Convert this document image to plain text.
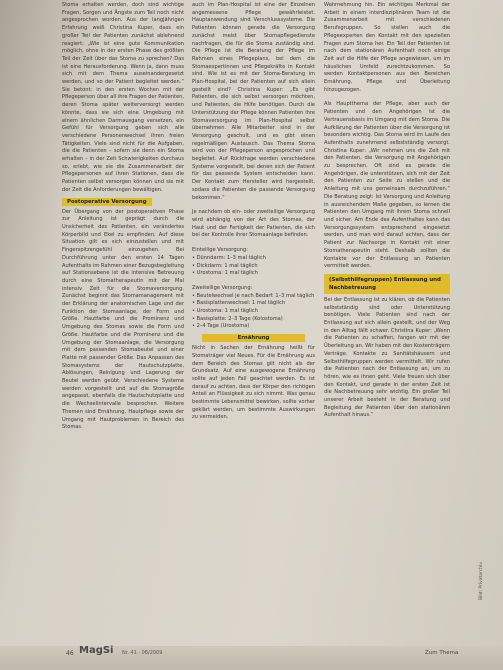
Stoma erhalten werden, doch sind wichtige Fragen, Sorgen und Ängste zum Teil noch nicht angesprochen worden. Aus der langjährigen Erfahrung weiß Christina Kuper, dass ein großer Teil der Patienten zunächst ablehnend reagiert: „Wie ist eine gute Kommunikation möglich, ohne in der ersten Phase des größten Teil der Zeit über das Stoma zu sprechen? Das ist eine Herausforderung. Wenn ja, dann muss sich mit dem Thema auseinandergesetzt werden, und so der Patient begleitet werden.“ Sie betont: in den ersten Wochen mit der Pflegeperson über all ihre Fragen der Patienten, deren Stoma später weiterversorgt werden könnte, dass sie sich eine Umgebung mit einem ähnlichen Darmausgang versetzen, ein Gefühl für Versorgung geben sich alle verschiedene Personenwechsel ihren freien Tätigkeiten. Viele sind nicht für die Aufgaben, die die Patienten – sofern sie denn ein Stoma erhalten – in der Zeit Schwierigkeiten durchaus so, erlebt, wie sie die Zusammenarbeit der Pflegepersonen auf ihren Stationen, dass die Patienten selbst versorgen können und sie mit der Zeit die Anforderungen bewältigen.

Postoperative Versorgung

Der Übergang von der postoperativen Phase zur Anleitung ist geprägt durch die Unsicherheit des Patienten, ein verändertes Körperbild und Ekel zu empfinden. Auf diese Situation gilt es sich einzustellen und mit Fingerspitzengefühl einzugehen. Bei Durchführung unter den ersten 14 Tagen Aufenthalts im Rahmen einer Bezugsbegleitung auf Stationsebene ist die intensive Betreuung durch eine Stomatherapeutin mit der Mal intensiv Zeit für die Stomaversorgung. Zunächst beginnt das Stomamanagement mit der Erklärung der anatomischen Lage und der Funktion der Stomaanlage, der Form und Größe. Hautfarbe und die Prominenz und Umgebung des Stomas sowie die Form und Größe. Hautfarbe und die Prominenz und die Umgebung der Stomaanlage, die Versorgung mit dem passenden Stomabeutel und einer Platte mit passender Größe. Das Anpassen des Stomasystems der Hautschutzplatte, Ablösungen, Reinigung und Lagerung der Beutel werden geübt. Verschiedene Systeme werden vorgestellt und auf die Stomagröße angepasst, ebenfalls die Hautschutzplatte und die Wechselintervalle besprochen. Weitere Themen sind Ernährung, Hautpflege sowie der Umgang mit Hautproblemen in Bereich des Stomas.

auch im Plan-Hospital ist eine der Einzelnen angemessene Pflege gewährleistet. Hauptanwendung sind Verschlusssysteme. Die Patienten können gerade die Versorgung zunächst meist über Stomapflegedienste nachfragen, die für die Stoma zuständig sind. Die Pflege ist die Beratung der Pflege im Rahmen eines Pflegeplans, bei dem die Stomaexpertinnen und Pflegekräfte in Kontakt sind. Wie ist es mit der Stoma-Beratung im Plan-Hospital, bei der Patienten auf sich allein gestellt sind? Christina Kuper: „Es gibt Patienten, die sich selbst versorgen möchten, und Patienten, die Hilfe benötigen. Durch die Unterstützung der Pflege können Patienten ihre Stomaversorgung im Plan-Hospital selbst übernehmen. Alle Mitarbeiter sind in der Versorgung geschult, und es gibt einen regelmäßigen Austausch. Das Thema Stoma wird von der Pflegeperson angesprochen und begleitet. Auf Rückfrage werden verschiedene Systeme vorgestellt, bei denen sich der Patient für das passende System entscheiden kann. Der Kontakt zum Hersteller wird hergestellt, sodass die Patienten die passende Versorgung bekommen.“

Je nachdem ob ein- oder zweiteilige Versorgung wird abhängig von der Art des Stomas, der Haut und der Fertigkeit der Patienten, die sich bei der Kontrolle ihrer Stomaanlage befinden.

Einteilige Versorgung:

• Dünndarm: 1–3 mal täglich
• Dickdarm: 1 mal täglich
• Urostoma: 1 mal täglich

Zweiteilige Versorgung:

• Beutelwechsel je nach Bedarf: 1–3 mal täglich
• Basisplattenwechsel: 1 mal täglich
• Urostoma: 1 mal täglich
• Basisplatte: 2–3 Tage (Kolostoma)
• 2–4 Tage (Urostoma)
Ernährung

Nicht in Sachen der Ernährung heißt für Stomaträger viel Neues. Für die Ernährung aus dem Bereich des Stomas gilt nicht als der Grundsatz. Auf eine ausgewogene Ernährung sollte auf jeden Fall geachtet werden. Es ist darauf zu achten, dass der Körper den richtigen Anteil an Flüssigkeit zu sich nimmt. Was genau bestimmte Lebensmittel bewirken, sollte vorher geklärt werden, um bestimmte Auswirkungen zu vermeiden.

Wahrnehmung hin. Ein wichtiges Merkmal der Arbeit in einem interdisziplinären Team ist die Zusammenarbeit mit verschiedenen Berufsgruppen. So stellen auch die Pflegeexperten den Kontakt mit den speziellen Fragen zum Stoma her. Ein Teil der Patienten ist nach dem stationären Aufenthalt noch einige Zeit auf die Hilfe der Pflege angewiesen, um im häuslichen Umfeld zurechtzukommen. So werden Kontaktpersonen aus den Bereichen Ernährung, Pflege und Überleitung hinzugezogen.

Als Hauptthema der Pflege, aber auch der Patienten und den Angehörigen ist die Vertrauensbasis im Umgang mit dem Stoma. Die Aufklärung der Patienten über die Versorgung ist besonders wichtig. Das Stoma wird im Laufe des Aufenthalts zunehmend selbstständig versorgt. Christina Kuper: „Wir nehmen uns die Zeit mit den Patienten, die Versorgung mit Angehörigen zu besprechen. Oft sind es gerade die Angehörigen, die unterstützen, sich mit der Zeit den Patienten zur Seite zu stellen und die Anleitung mit uns gemeinsam durchzuführen.“ Die Beratung zeigt: Ist Versorgung und Anleitung in ausreichendem Maße gegeben, so lernen die Patienten den Umgang mit ihrem Stoma schnell und sicher. Am Ende des Aufenthaltes kann das Versorgungssystem entsprechend eingesetzt werden, und man wird darauf achten, dass der Patient zur Nachsorge in Kontakt mit einer Stomatherapeutin steht. Deshalb sollten die Kontakte vor der Entlassung an Patienten vermittelt werden.

(Selbsthilfegruppen) Entlassung und Nachbetreuung

Bei der Entlassung ist zu klären, ob die Patienten selbstständig sind oder Unterstützung benötigen. Viele Patienten sind nach der Entlassung auf sich allein gestellt, und der Weg in den Alltag fällt schwer. Christina Kuper: „Wenn die Patienten zu schaffen, fangen wir mit der Überleitung an. Wir haben mit den Kostenträgern Verträge. Kontakte zu Sanitätshäusern und Selbsthilfegruppen werden vermittelt. Wir rufen die Patienten nach der Entlassung an, um zu hören, wie es ihnen geht. Viele freuen sich über den Kontakt, und gerade in der ersten Zeit ist die Nachbetreuung sehr wichtig. Ein großer Teil unserer Arbeit besteht in der Beratung und Begleitung der Patienten über den stationären Aufenthalt hinaus.“

Bild: Privatarchiv
46 MagSi Nr. 41 · 06/2009	Zum Thema
